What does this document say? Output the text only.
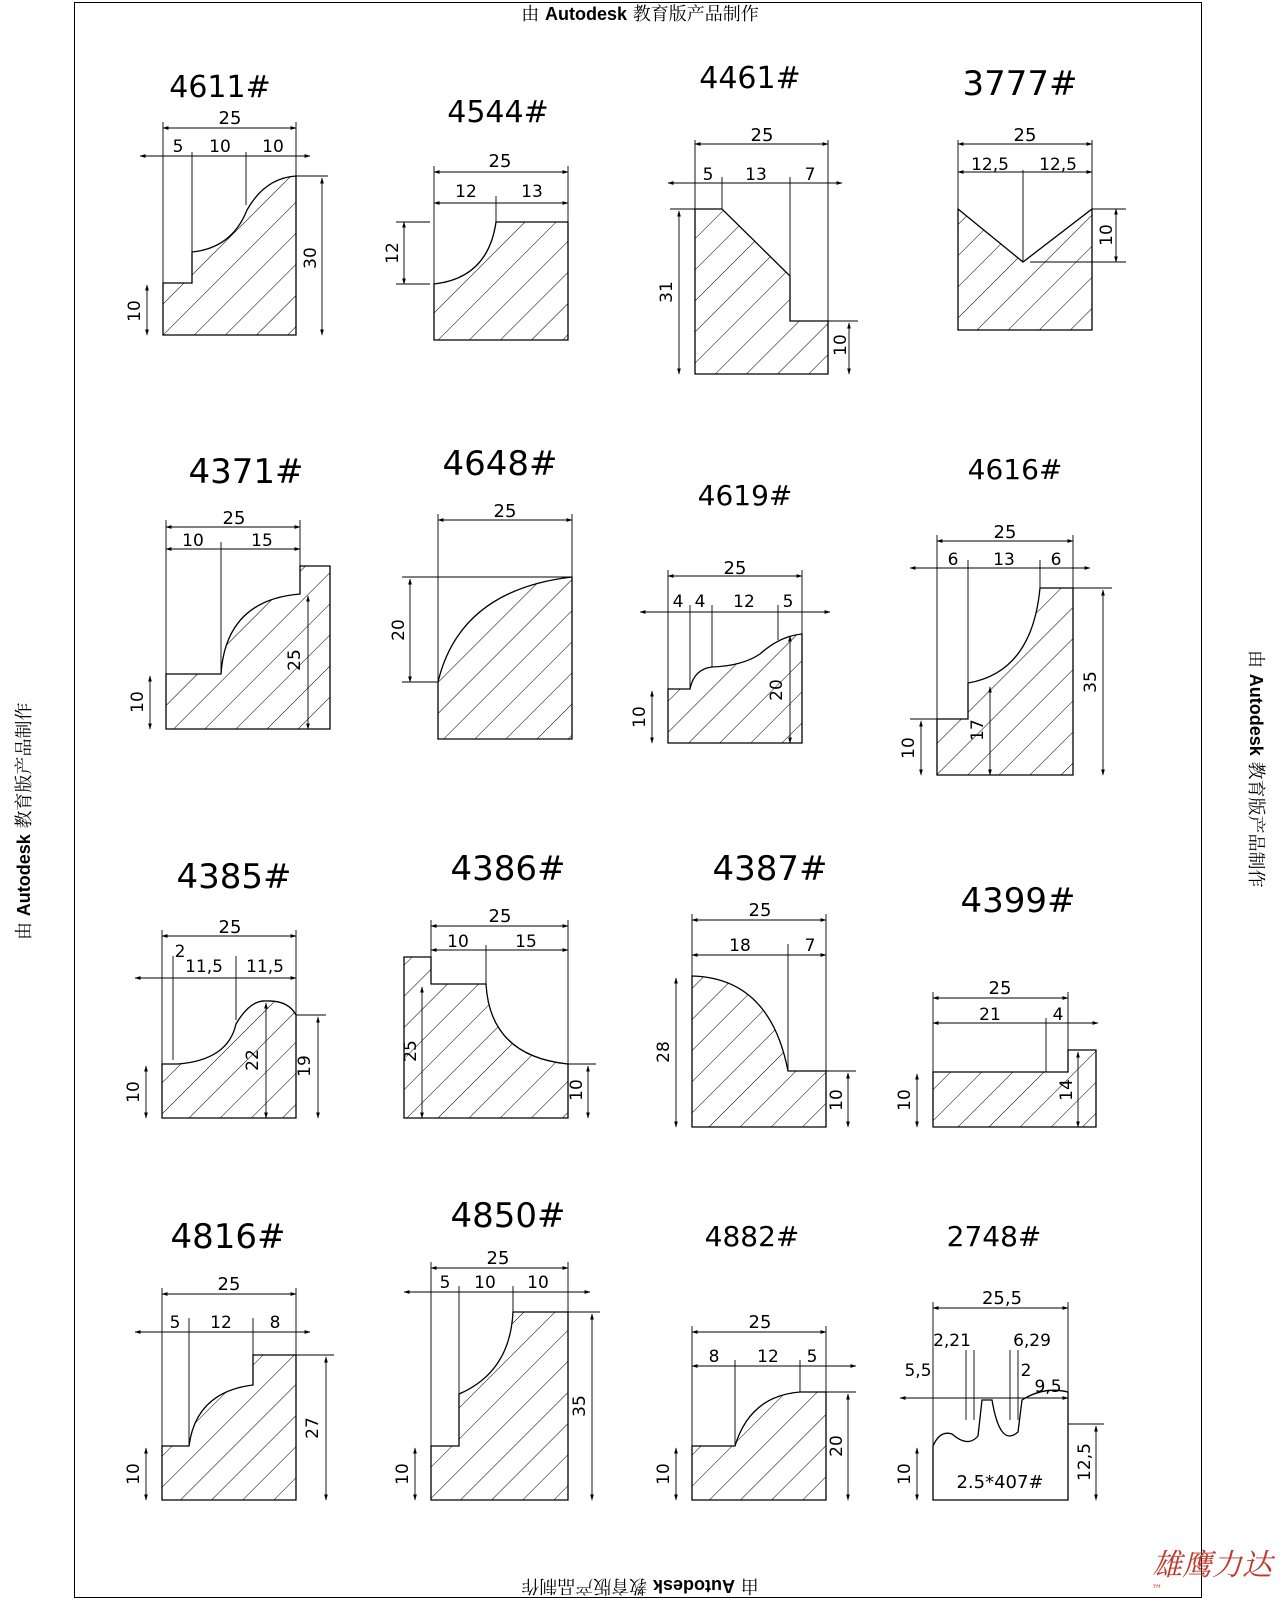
由 Autodesk 教育版产品制作
由 Autodesk 教育版产品制作
由 Autodesk 教育版产品制作
由 Autodesk 教育版产品制作
4611#
25
5 10 10
10
30
4544#
25
12	13
12
4461#
25
5 13 7
31
10
3777#
25
12,5 12,5
10
4371#
25
10	15
10
25
4648#
25
20
4619#
25
4 4 12 5
10
20
4616#
25
6 13 6
10
17
35
4385#
25
2
11,5 11,5
10
22 19
4386#
25
10	15
25
10
4387#
25
18	7
28
10
4399#
25
21	4
10	14
4816#
25
5 12 8
10
27
4850#
25
5 10 10
10
35
4882#
25
8 12 5
10
20
2748#
25,5
2,21 6,29
5,5	2
9,5
10	12,5
2.5*407#
雄鹰力达™
